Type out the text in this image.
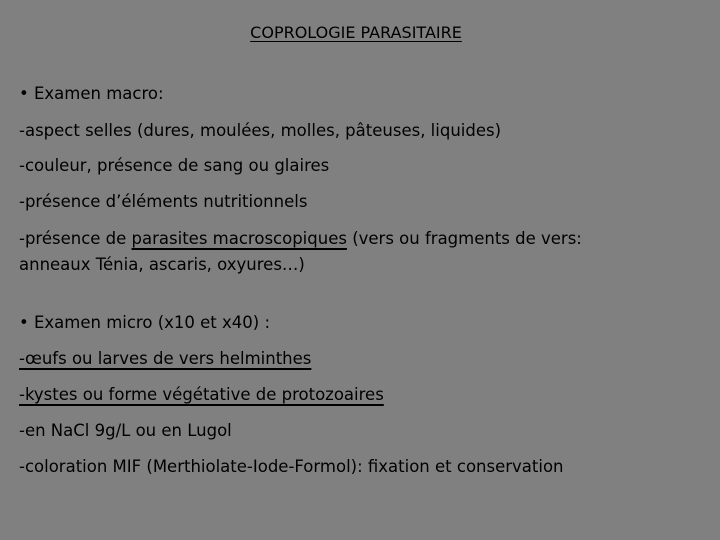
COPROLOGIE PARASITAIRE
• Examen macro:
-aspect selles (dures, moulées, molles, pâteuses, liquides)
-couleur, présence de sang ou glaires
-présence d’éléments nutritionnels
-présence de parasites macroscopiques (vers ou fragments de vers:
anneaux Ténia, ascaris, oxyures…)
• Examen micro (x10 et x40) :
-œufs ou larves de vers helminthes
-kystes ou forme végétative de protozoaires
-en NaCl 9g/L ou en Lugol
-coloration MIF (Merthiolate-Iode-Formol): fixation et conservation
